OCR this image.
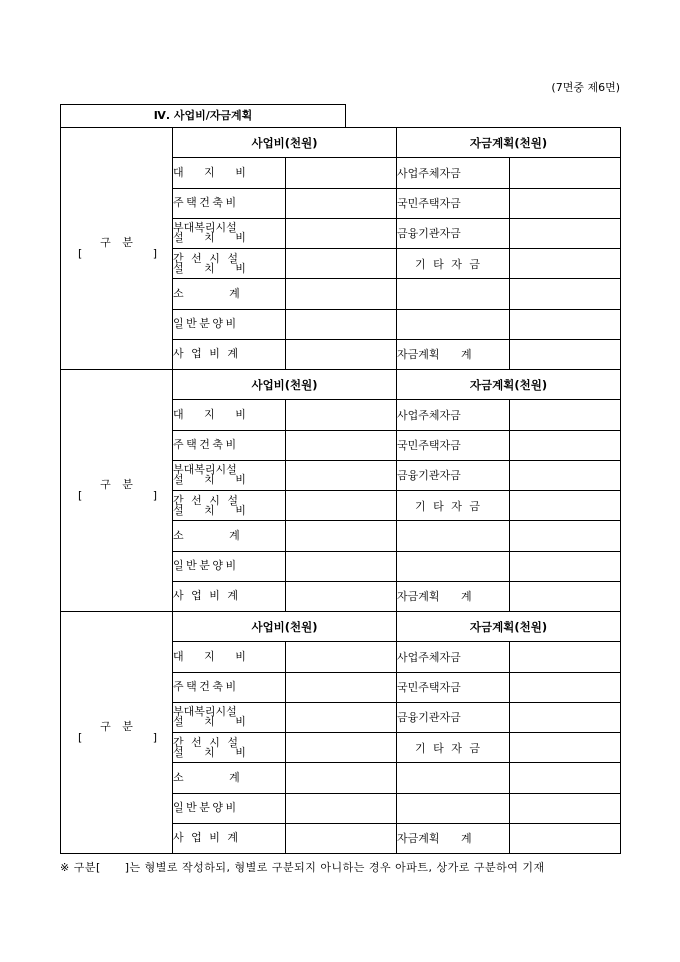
(7면중 제6면)
Ⅳ. 사업비/자금계획
구 분
[ ]	사업비(천원)		자금계획(천원)	

	대 지 비		사업주체자금	

	주택건축비		국민주택자금	

	부대복리시설
설 치 비		금융기관자금	

	간 선 시 설
설 치 비		기 타 자 금	

	소 계			

	일반분양비			

	사 업 비 계		자금계획 계	

구 분
[ ]	사업비(천원)		자금계획(천원)	

	대 지 비		사업주체자금	

	주택건축비		국민주택자금	

	부대복리시설
설 치 비		금융기관자금	

	간 선 시 설
설 치 비		기 타 자 금	

	소 계			

	일반분양비			

	사 업 비 계		자금계획 계	

구 분
[ ]	사업비(천원)		자금계획(천원)	

	대 지 비		사업주체자금	

	주택건축비		국민주택자금	

	부대복리시설
설 치 비		금융기관자금	

	간 선 시 설
설 치 비		기 타 자 금	

	소 계			

	일반분양비			

	사 업 비 계		자금계획 계	
※ 구분[      ]는 형별로 작성하되, 형별로 구분되지 아니하는 경우 아파트, 상가로 구분하여 기재
